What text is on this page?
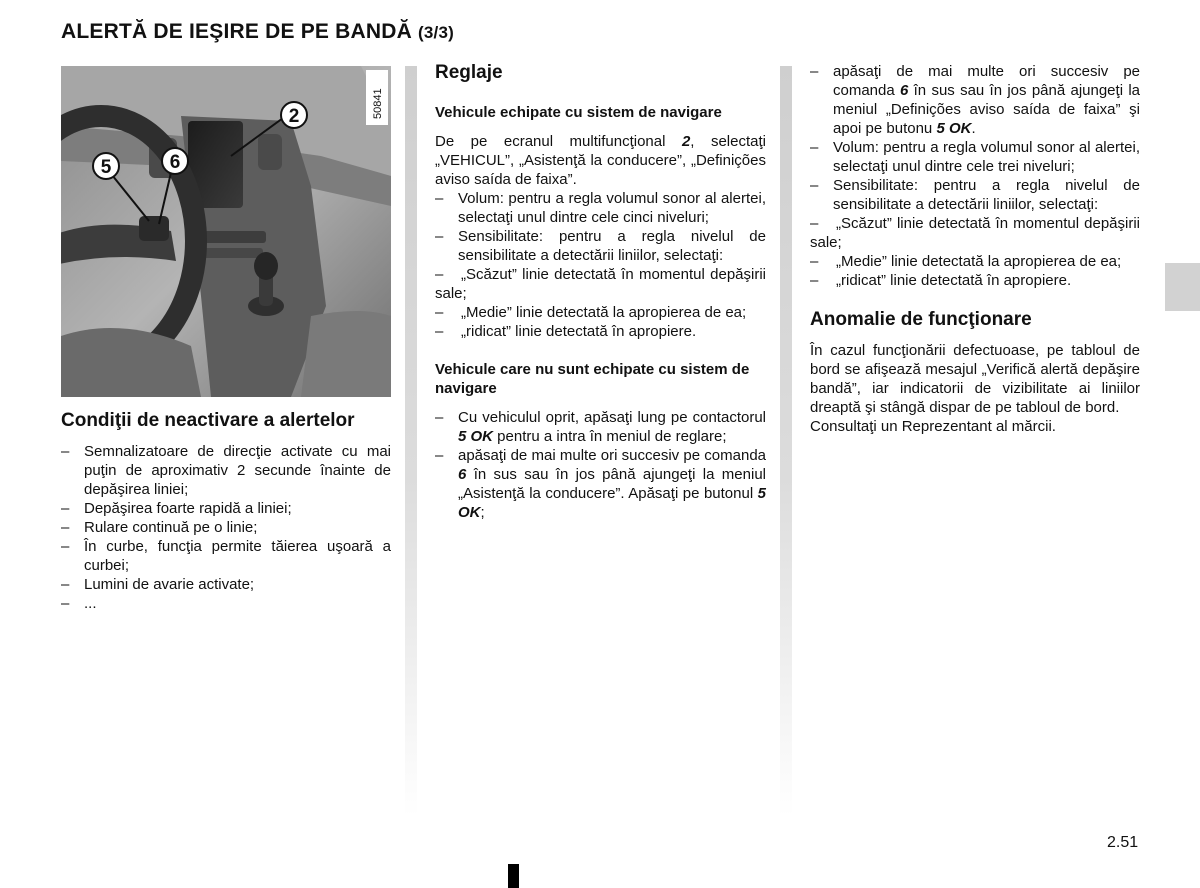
ALERTĂ DE IEŞIRE DE PE BANDĂ (3/3)
2
5	6
50841
Condiţii de neactivare a alertelor
– Semnalizatoare de direcţie activate cu mai puţin de aproximativ 2 secunde înainte de depăşirea liniei;
– Depăşirea foarte rapidă a liniei;
– Rulare continuă pe o linie;
– În curbe, funcţia permite tăierea uşoară a curbei;
– Lumini de avarie activate;
– ...
Reglaje
Vehicule echipate cu sistem de navigare

De pe ecranul multifuncţional 2, selectaţi „VEHICUL”, „Asistenţă la conducere”, „Definições aviso saída de faixa”.

– Volum: pentru a regla volumul sonor al alertei, selectaţi unul dintre cele cinci niveluri;
– Sensibilitate: pentru a regla nivelul de sensibilitate a detectării liniilor, selectaţi:
– „Scăzut” linie detectată în momentul depăşirii sale;
– „Medie” linie detectată la apropierea de ea;
– „ridicat” linie detectată în apropiere.
Vehicule care nu sunt echipate cu sistem de navigare
– Cu vehiculul oprit, apăsaţi lung pe contactorul 5 OK pentru a intra în meniul de reglare;
– apăsaţi de mai multe ori succesiv pe comanda 6 în sus sau în jos până ajungeţi la meniul „Asistenţă la conducere”. Apăsaţi pe butonul 5 OK;
– apăsaţi de mai multe ori succesiv pe comanda 6 în sus sau în jos până ajungeţi la meniul „Definições aviso saída de faixa” şi apoi pe butonu 5 OK.
– Volum: pentru a regla volumul sonor al alertei, selectaţi unul dintre cele trei niveluri;
– Sensibilitate: pentru a regla nivelul de sensibilitate a detectării liniilor, selectaţi:
– „Scăzut” linie detectată în momentul depăşirii sale;
– „Medie” linie detectată la apropierea de ea;
– „ridicat” linie detectată în apropiere.
Anomalie de funcţionare

În cazul funcţionării defectuoase, pe tabloul de bord se afişează mesajul „Verifică alertă depăşire bandă”, iar indicatorii de vizibilitate ai liniilor dreaptă şi stângă dispar de pe tabloul de bord.

Consultaţi un Reprezentant al mărcii.

2.51
